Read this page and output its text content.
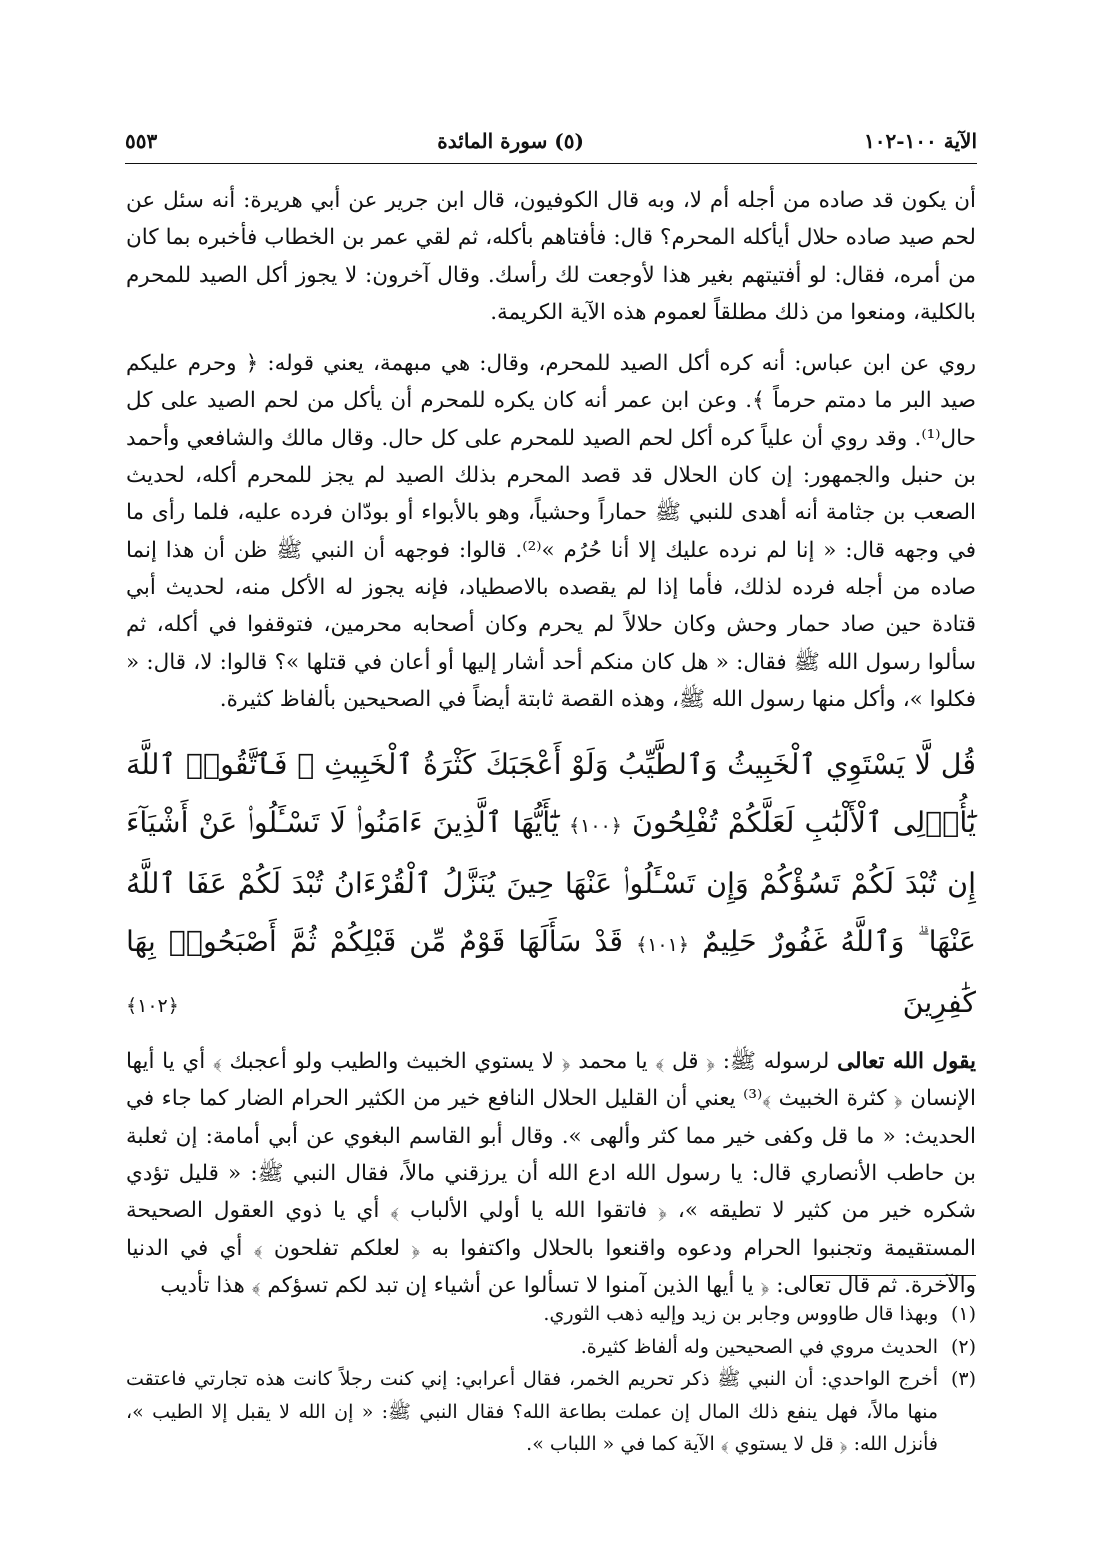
الآية ١٠٠-١٠٢
(٥) سورة المائدة
٥٥٣

أن يكون قد صاده من أجله أم لا، وبه قال الكوفيون، قال ابن جرير عن أبي هريرة: أنه سئل عن لحم صيد صاده حلال أيأكله المحرم؟ قال: فأفتاهم بأكله، ثم لقي عمر بن الخطاب فأخبره بما كان من أمره، فقال: لو أفتيتهم بغير هذا لأوجعت لك رأسك. وقال آخرون: لا يجوز أكل الصيد للمحرم بالكلية، ومنعوا من ذلك مطلقاً لعموم هذه الآية الكريمة.

روي عن ابن عباس: أنه كره أكل الصيد للمحرم، وقال: هي مبهمة، يعني قوله: ﴿ وحرم عليكم صيد البر ما دمتم حرماً ﴾. وعن ابن عمر أنه كان يكره للمحرم أن يأكل من لحم الصيد على كل حال⁽¹⁾. وقد روي أن علياً كره أكل لحم الصيد للمحرم على كل حال. وقال مالك والشافعي وأحمد بن حنبل والجمهور: إن كان الحلال قد قصد المحرم بذلك الصيد لم يجز للمحرم أكله، لحديث الصعب بن جثامة أنه أهدى للنبي ﷺ حماراً وحشياً، وهو بالأبواء أو بودّان فرده عليه، فلما رأى ما في وجهه قال: « إنا لم نرده عليك إلا أنا حُرُم »⁽²⁾. قالوا: فوجهه أن النبي ﷺ ظن أن هذا إنما صاده من أجله فرده لذلك، فأما إذا لم يقصده بالاصطياد، فإنه يجوز له الأكل منه، لحديث أبي قتادة حين صاد حمار وحش وكان حلالاً لم يحرم وكان أصحابه محرمين، فتوقفوا في أكله، ثم سألوا رسول الله ﷺ فقال: « هل كان منكم أحد أشار إليها أو أعان في قتلها »؟ قالوا: لا، قال: « فكلوا »، وأكل منها رسول الله ﷺ، وهذه القصة ثابتة أيضاً في الصحيحين بألفاظ كثيرة.

قُل لَّا يَسْتَوِي ٱلْخَبِيثُ وَٱلطَّيِّبُ وَلَوْ أَعْجَبَكَ كَثْرَةُ ٱلْخَبِيثِ ۚ فَٱتَّقُوا۟ ٱللَّهَ يَٰٓأُو۟لِى ٱلْأَلْبَٰبِ لَعَلَّكُمْ تُفْلِحُونَ ﴿١٠٠﴾ يَٰٓأَيُّهَا ٱلَّذِينَ ءَامَنُوا۟ لَا تَسْـَٔلُوا۟ عَنْ أَشْيَآءَ إِن تُبْدَ لَكُمْ تَسُؤْكُمْ وَإِن تَسْـَٔلُوا۟ عَنْهَا حِينَ يُنَزَّلُ ٱلْقُرْءَانُ تُبْدَ لَكُمْ عَفَا ٱللَّهُ عَنْهَا ۗ وَٱللَّهُ غَفُورٌ حَلِيمٌ ﴿١٠١﴾ قَدْ سَأَلَهَا قَوْمٌ مِّن قَبْلِكُمْ ثُمَّ أَصْبَحُوا۟ بِهَا كَٰفِرِينَ ﴿١٠٢﴾

يقول الله تعالى لرسوله ﷺ: ﴿ قل ﴾ يا محمد ﴿ لا يستوي الخبيث والطيب ولو أعجبك ﴾ أي يا أيها الإنسان ﴿ كثرة الخبيث ﴾⁽³⁾ يعني أن القليل الحلال النافع خير من الكثير الحرام الضار كما جاء في الحديث: « ما قل وكفى خير مما كثر وألهى ». وقال أبو القاسم البغوي عن أبي أمامة: إن ثعلبة بن حاطب الأنصاري قال: يا رسول الله ادع الله أن يرزقني مالاً، فقال النبي ﷺ: « قليل تؤدي شكره خير من كثير لا تطيقه »، ﴿ فاتقوا الله يا أولي الألباب ﴾ أي يا ذوي العقول الصحيحة المستقيمة وتجنبوا الحرام ودعوه واقنعوا بالحلال واكتفوا به ﴿ لعلكم تفلحون ﴾ أي في الدنيا والآخرة. ثم قال تعالى: ﴿ يا أيها الذين آمنوا لا تسألوا عن أشياء إن تبد لكم تسؤكم ﴾ هذا تأديب

(١)
وبهذا قال طاووس وجابر بن زيد وإليه ذهب الثوري.
(٢)
الحديث مروي في الصحيحين وله ألفاظ كثيرة.
(٣)
أخرج الواحدي: أن النبي ﷺ ذكر تحريم الخمر، فقال أعرابي: إني كنت رجلاً كانت هذه تجارتي فاعتقت منها مالاً، فهل ينفع ذلك المال إن عملت بطاعة الله؟ فقال النبي ﷺ: « إن الله لا يقبل إلا الطيب »، فأنزل الله: ﴿ قل لا يستوي ﴾ الآية كما في « اللباب ».
